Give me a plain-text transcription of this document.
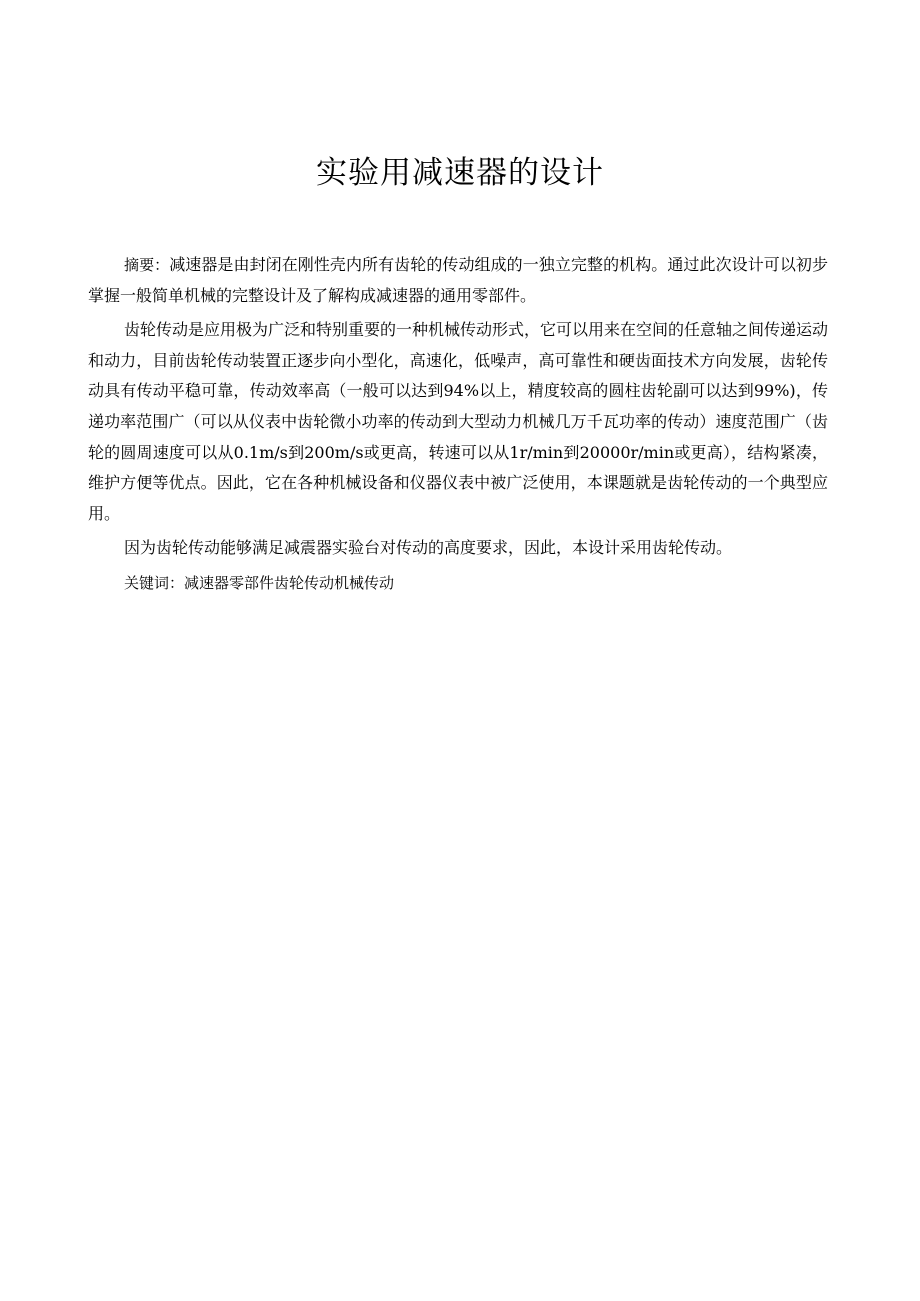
实验用减速器的设计

摘要：减速器是由封闭在刚性壳内所有齿轮的传动组成的一独立完整的机构。通过此次设计可以初步掌握一般简单机械的完整设计及了解构成减速器的通用零部件。

齿轮传动是应用极为广泛和特别重要的一种机械传动形式，它可以用来在空间的任意轴之间传递运动和动力，目前齿轮传动装置正逐步向小型化，高速化，低噪声，高可靠性和硬齿面技术方向发展，齿轮传动具有传动平稳可靠，传动效率高（一般可以达到94%以上，精度较高的圆柱齿轮副可以达到99%)，传递功率范围广（可以从仪表中齿轮微小功率的传动到大型动力机械几万千瓦功率的传动）速度范围广（齿轮的圆周速度可以从0.1m/s到200m/s或更高，转速可以从1r/min到20000r/min或更高），结构紧凑，维护方便等优点。因此，它在各种机械设备和仪器仪表中被广泛使用，本课题就是齿轮传动的一个典型应用。

因为齿轮传动能够满足减震器实验台对传动的高度要求，因此，本设计采用齿轮传动。

关键词：减速器零部件齿轮传动机械传动
